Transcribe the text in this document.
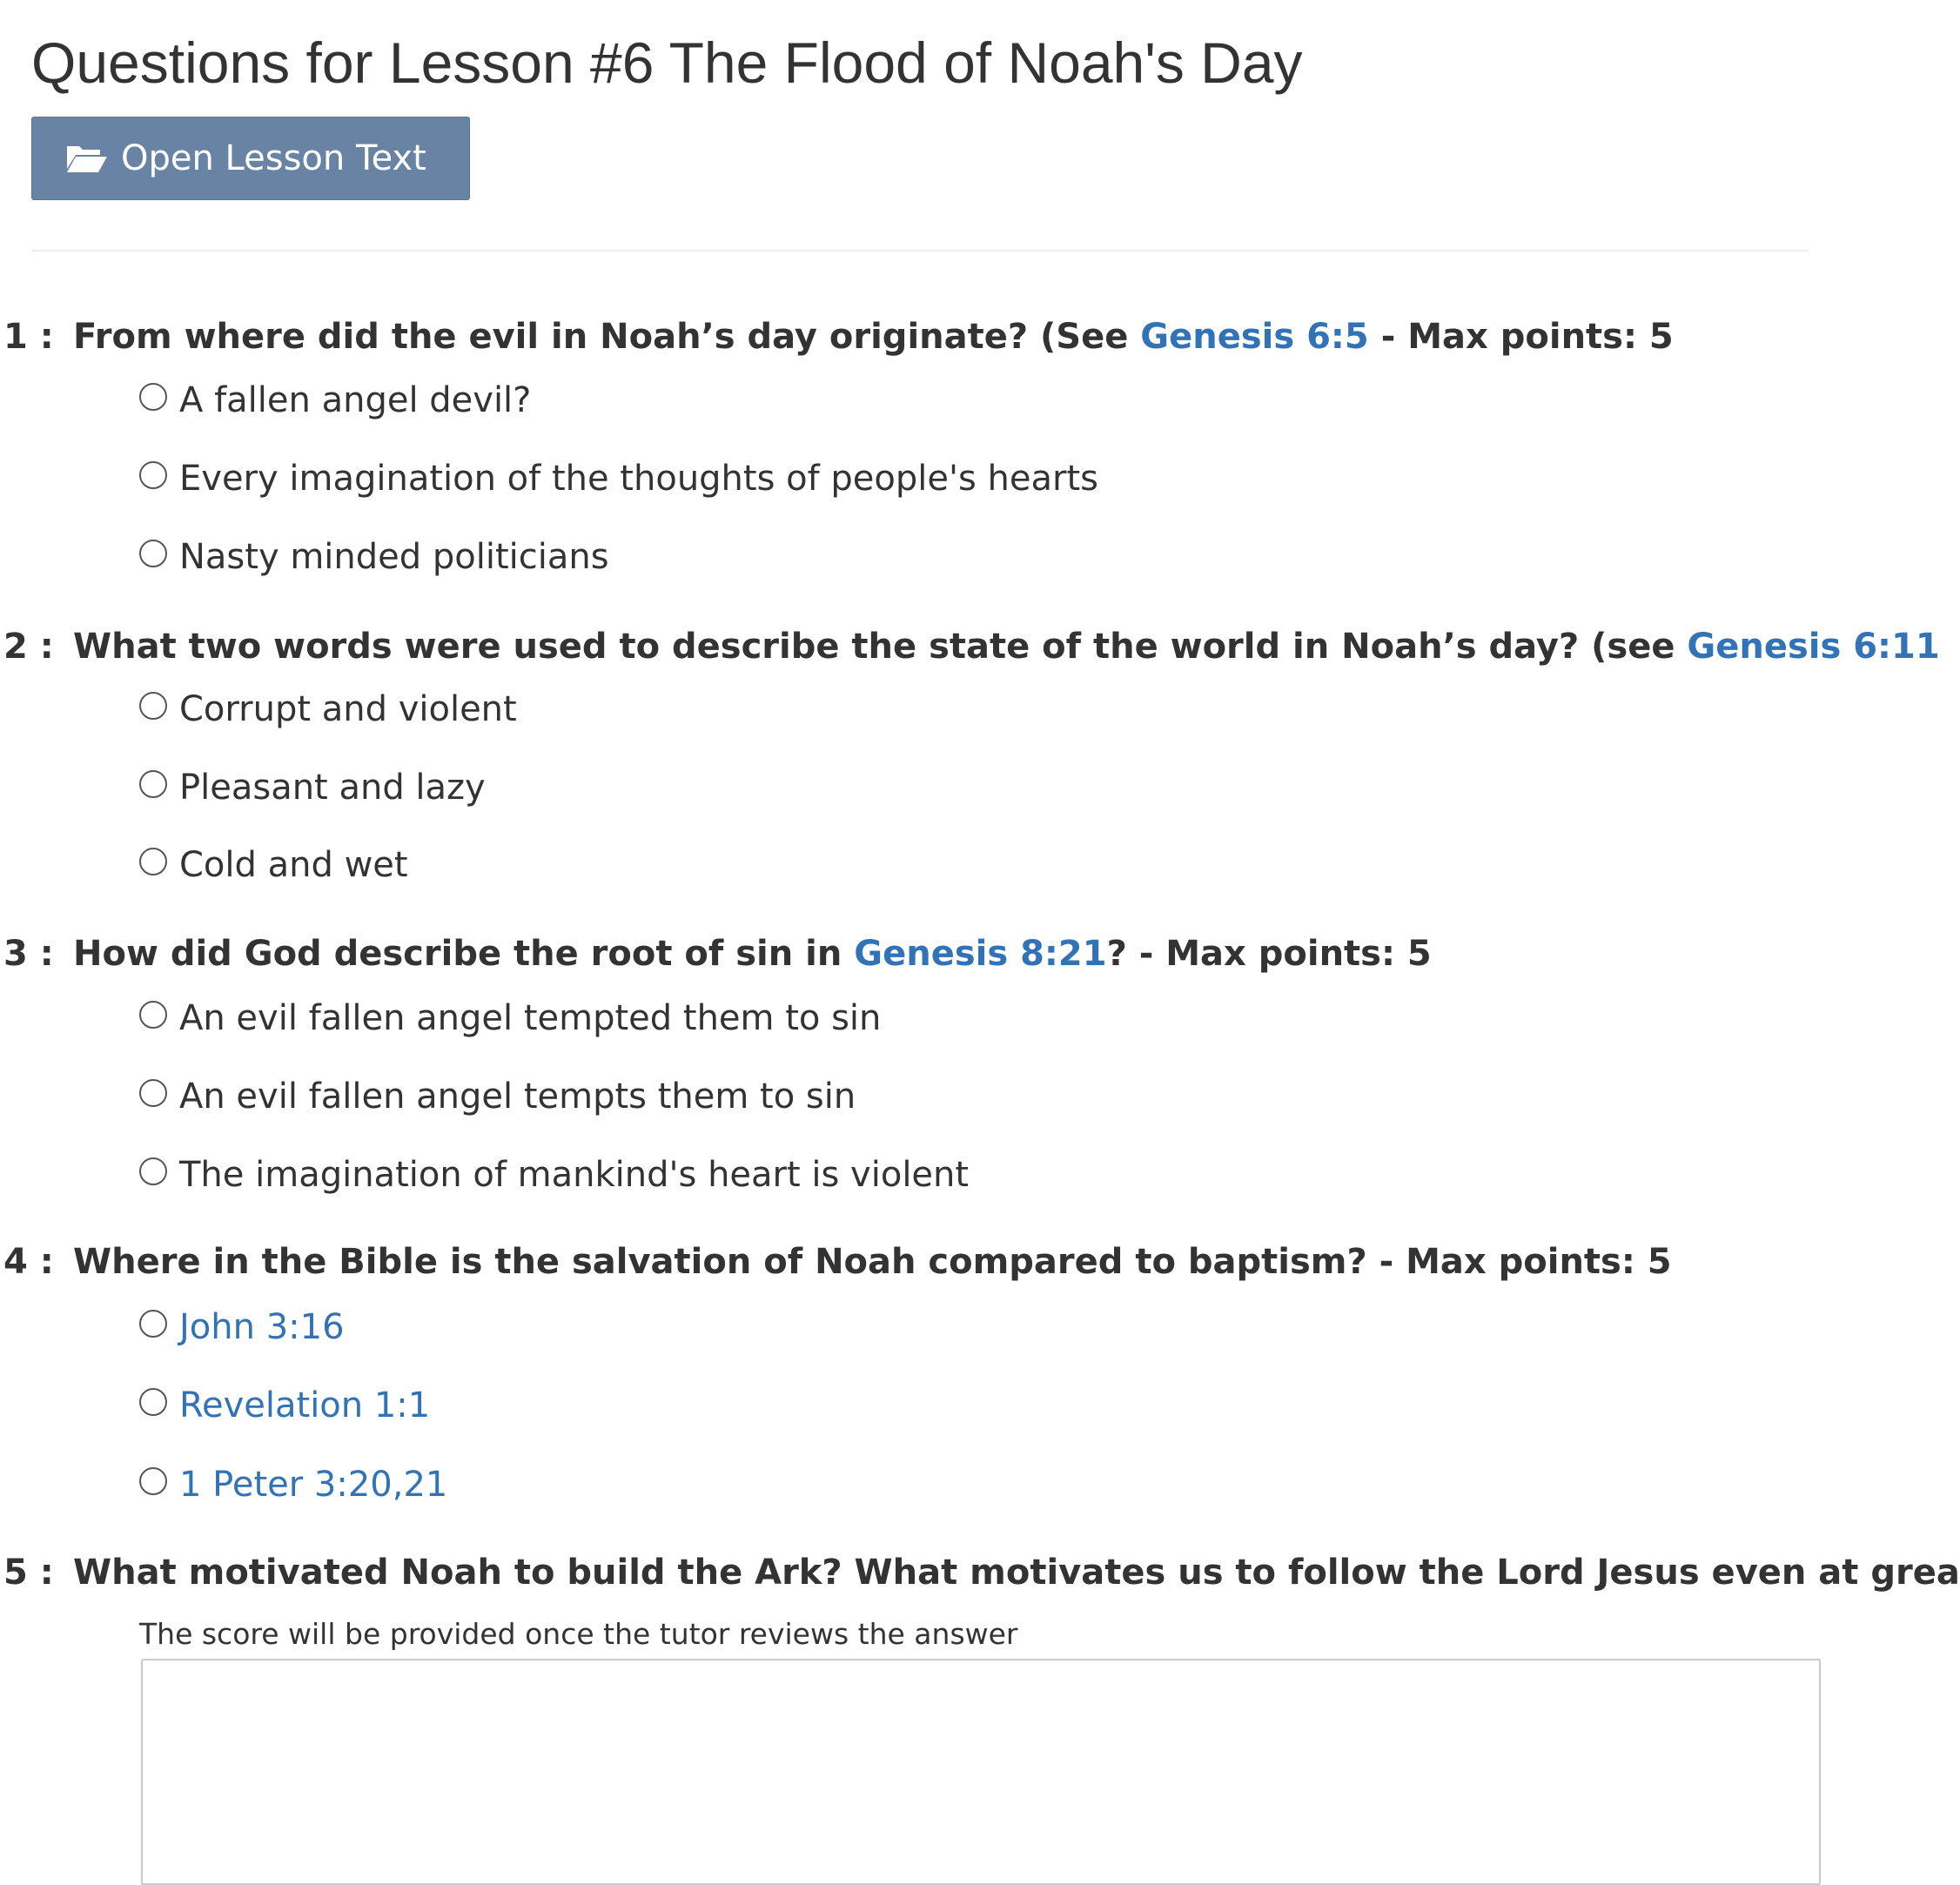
Questions for Lesson #6 The Flood of Noah's Day
Open Lesson Text
1 : From where did the evil in Noah’s day originate? (See Genesis 6:5 - Max points: 5
A fallen angel devil?
Every imagination of the thoughts of people's hearts
Nasty minded politicians
2 : What two words were used to describe the state of the world in Noah’s day? (see Genesis 6:11
Corrupt and violent
Pleasant and lazy
Cold and wet
3 : How did God describe the root of sin in Genesis 8:21? - Max points: 5
An evil fallen angel tempted them to sin
An evil fallen angel tempts them to sin
The imagination of mankind's heart is violent
4 : Where in the Bible is the salvation of Noah compared to baptism? - Max points: 5
John 3:16
Revelation 1:1
1 Peter 3:20,21
5 : What motivated Noah to build the Ark? What motivates us to follow the Lord Jesus even at grea
The score will be provided once the tutor reviews the answer
